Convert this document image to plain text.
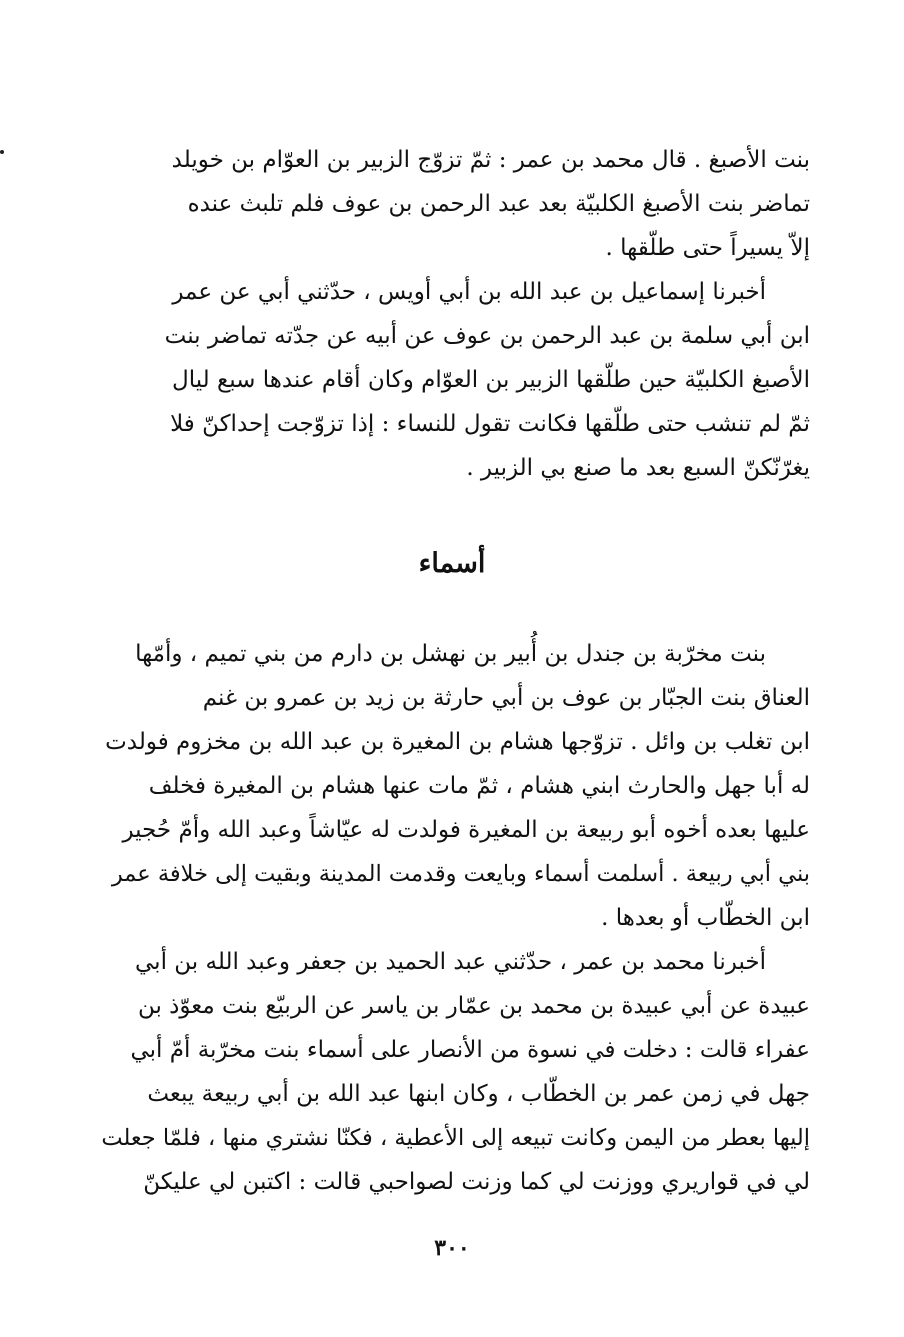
بنت الأصبغ . قال محمد بن عمر : ثمّ تزوّج الزبير بن العوّام بن خويلد

تماضر بنت الأصبغ الكلبيّة بعد عبد الرحمن بن عوف فلم تلبث عنده

إلاّ يسيراً حتى طلّقها .

أخبرنا إسماعيل بن عبد الله بن أبي أويس ، حدّثني أبي عن عمر

ابن أبي سلمة بن عبد الرحمن بن عوف عن أبيه عن جدّته تماضر بنت

الأصبغ الكلبيّة حين طلّقها الزبير بن العوّام وكان أقام عندها سبع ليال

ثمّ لم تنشب حتى طلّقها فكانت تقول للنساء : إذا تزوّجت إحداكنّ فلا

يغرّنّكنّ السبع بعد ما صنع بي الزبير .

أسماء

بنت مخرّبة بن جندل بن أُبير بن نهشل بن دارم من بني تميم ، وأمّها

العناق بنت الجبّار بن عوف بن أبي حارثة بن زيد بن عمرو بن غنم

ابن تغلب بن وائل . تزوّجها هشام بن المغيرة بن عبد الله بن مخزوم فولدت

له أبا جهل والحارث ابني هشام ، ثمّ مات عنها هشام بن المغيرة فخلف

عليها بعده أخوه أبو ربيعة بن المغيرة فولدت له عيّاشاً وعبد الله وأمّ حُجير

بني أبي ربيعة . أسلمت أسماء وبايعت وقدمت المدينة وبقيت إلى خلافة عمر

ابن الخطّاب أو بعدها .

أخبرنا محمد بن عمر ، حدّثني عبد الحميد بن جعفر وعبد الله بن أبي

عبيدة عن أبي عبيدة بن محمد بن عمّار بن ياسر عن الربيّع بنت معوّذ بن

عفراء قالت : دخلت في نسوة من الأنصار على أسماء بنت مخرّبة أمّ أبي

جهل في زمن عمر بن الخطّاب ، وكان ابنها عبد الله بن أبي ربيعة يبعث

إليها بعطر من اليمن وكانت تبيعه إلى الأعطية ، فكنّا نشتري منها ، فلمّا جعلت

لي في قواريري ووزنت لي كما وزنت لصواحبي قالت : اكتبن لي عليكنّ

٣٠٠
